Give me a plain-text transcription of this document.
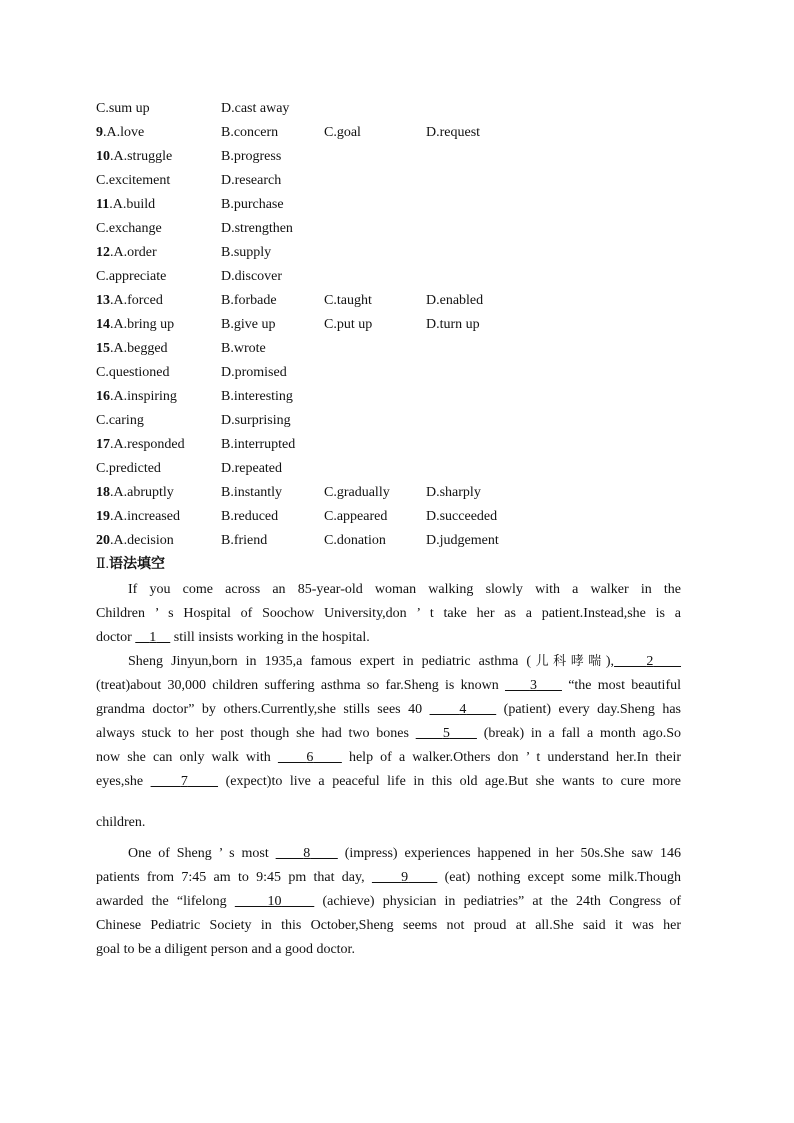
C.sum up	D.cast away
9.A.love	B.concern	C.goal	D.request
10.A.struggle	B.progress
C.excitement	D.research
11.A.build	B.purchase
C.exchange	D.strengthen
12.A.order	B.supply
C.appreciate	D.discover
13.A.forced	B.forbade	C.taught	D.enabled
14.A.bring up	B.give up	C.put up	D.turn up
15.A.begged	B.wrote
C.questioned	D.promised
16.A.inspiring	B.interesting
C.caring	D.surprising
17.A.responded	B.interrupted
C.predicted	D.repeated
18.A.abruptly	B.instantly	C.gradually	D.sharply
19.A.increased	B.reduced	C.appeared	D.succeeded
20.A.decision	B.friend	C.donation	D.judgement
Ⅱ.语法填空
If you come across an 85-year-old woman walking slowly with a walker in the
Children ’ s Hospital of Soochow University,don ’ t take her as a patient.Instead,she is a
doctor     1     still insists working in the hospital.
Sheng Jinyun,born in 1935,a famous expert in pediatric asthma (儿科哮喘), 2
(treat)about 30,000 children suffering asthma so far.Sheng is known     3     “the most beautiful
grandma doctor” by others.Currently,she stills sees 40     4     (patient) every day.Sheng has
always stuck to her post though she had two bones     5     (break) in a fall a month ago.So
now she can only walk with     6     help of a walker.Others don ’ t understand her.In their
eyes,she     7     (expect)to live a peaceful life in this old age.But she wants to cure more
children.
One of Sheng ’ s most     8     (impress) experiences happened in her 50s.She saw 146
patients from 7:45 am to 9:45 pm that day,     9     (eat) nothing except some milk.Though
awarded the “lifelong     10     (achieve) physician in pediatries” at the 24th Congress of
Chinese Pediatric Society in this October,Sheng seems not proud at all.She said it was her
goal to be a diligent person and a good doctor.
